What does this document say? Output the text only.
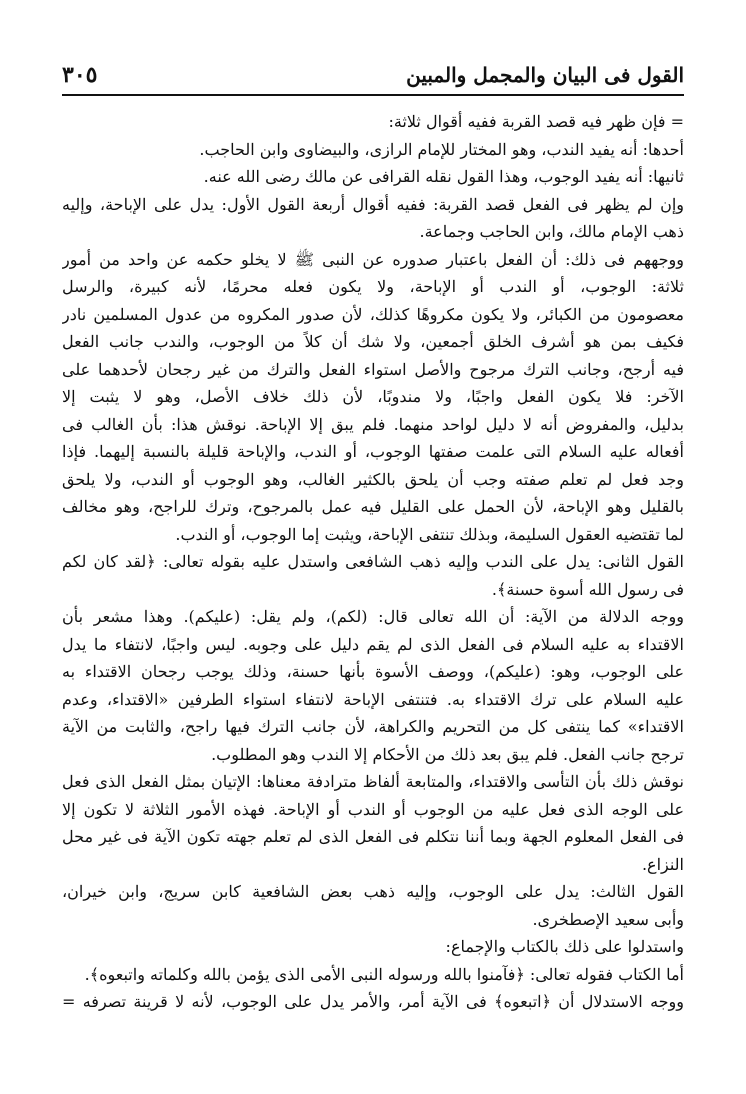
القول فى البيان والمجمل والمبين
٣٠٥
= فإن ظهر فيه قصد القربة ففيه أقوال ثلاثة:
أحدها: أنه يفيد الندب، وهو المختار للإمام الرازى، والبيضاوى وابن الحاجب.
ثانيها: أنه يفيد الوجوب، وهذا القول نقله القرافى عن مالك رضى الله عنه.
وإن لم يظهر فى الفعل قصد القربة: ففيه أقوال أربعة القول الأول: يدل على الإباحة، وإليه
ذهب الإمام مالك، وابن الحاجب وجماعة.
ووجههم فى ذلك: أن الفعل باعتبار صدوره عن النبى ﷺ لا يخلو حكمه عن واحد من أمور
ثلاثة: الوجوب، أو الندب أو الإباحة، ولا يكون فعله محرمًا، لأنه كبيرة، والرسل
معصومون من الكبائر، ولا يكون مكروهًا كذلك، لأن صدور المكروه من عدول المسلمين نادر
فكيف بمن هو أشرف الخلق أجمعين، ولا شك أن كلاً من الوجوب، والندب جانب الفعل
فيه أرجح، وجانب الترك مرجوح والأصل استواء الفعل والترك من غير رجحان لأحدهما على
الآخر: فلا يكون الفعل واجبًا، ولا مندوبًا، لأن ذلك خلاف الأصل، وهو لا يثبت إلا
بدليل، والمفروض أنه لا دليل لواحد منهما. فلم يبق إلا الإباحة. نوقش هذا: بأن الغالب فى
أفعاله عليه السلام التى علمت صفتها الوجوب، أو الندب، والإباحة قليلة بالنسبة إليهما. فإذا
وجد فعل لم تعلم صفته وجب أن يلحق بالكثير الغالب، وهو الوجوب أو الندب، ولا يلحق
بالقليل وهو الإباحة، لأن الحمل على القليل فيه عمل بالمرجوح، وترك للراجح، وهو مخالف
لما تقتضيه العقول السليمة، وبذلك تنتفى الإباحة، ويثبت إما الوجوب، أو الندب.
القول الثانى: يدل على الندب وإليه ذهب الشافعى واستدل عليه بقوله تعالى: ﴿لقد كان لكم
فى رسول الله أسوة حسنة﴾.
ووجه الدلالة من الآية: أن الله تعالى قال: (لكم)، ولم يقل: (عليكم). وهذا مشعر بأن
الاقتداء به عليه السلام فى الفعل الذى لم يقم دليل على وجوبه. ليس واجبًا، لانتفاء ما يدل
على الوجوب، وهو: (عليكم)، ووصف الأسوة بأنها حسنة، وذلك يوجب رجحان الاقتداء به
عليه السلام على ترك الاقتداء به. فتنتفى الإباحة لانتفاء استواء الطرفين «الاقتداء، وعدم
الاقتداء» كما ينتفى كل من التحريم والكراهة، لأن جانب الترك فيها راجح، والثابت من الآية
ترجح جانب الفعل. فلم يبق بعد ذلك من الأحكام إلا الندب وهو المطلوب.
نوقش ذلك بأن التأسى والاقتداء، والمتابعة ألفاظ مترادفة معناها: الإتيان بمثل الفعل الذى فعل
على الوجه الذى فعل عليه من الوجوب أو الندب أو الإباحة. فهذه الأمور الثلاثة لا تكون إلا
فى الفعل المعلوم الجهة وبما أننا نتكلم فى الفعل الذى لم تعلم جهته تكون الآية فى غير محل
النزاع.
القول الثالث: يدل على الوجوب، وإليه ذهب بعض الشافعية كابن سريج، وابن خيران،
وأبى سعيد الإصطخرى.
واستدلوا على ذلك بالكتاب والإجماع:
أما الكتاب فقوله تعالى: ﴿فآمنوا بالله ورسوله النبى الأمى الذى يؤمن بالله وكلماته واتبعوه﴾.
ووجه الاستدلال أن ﴿اتبعوه﴾ فى الآية أمر، والأمر يدل على الوجوب، لأنه لا قرينة تصرفه =
